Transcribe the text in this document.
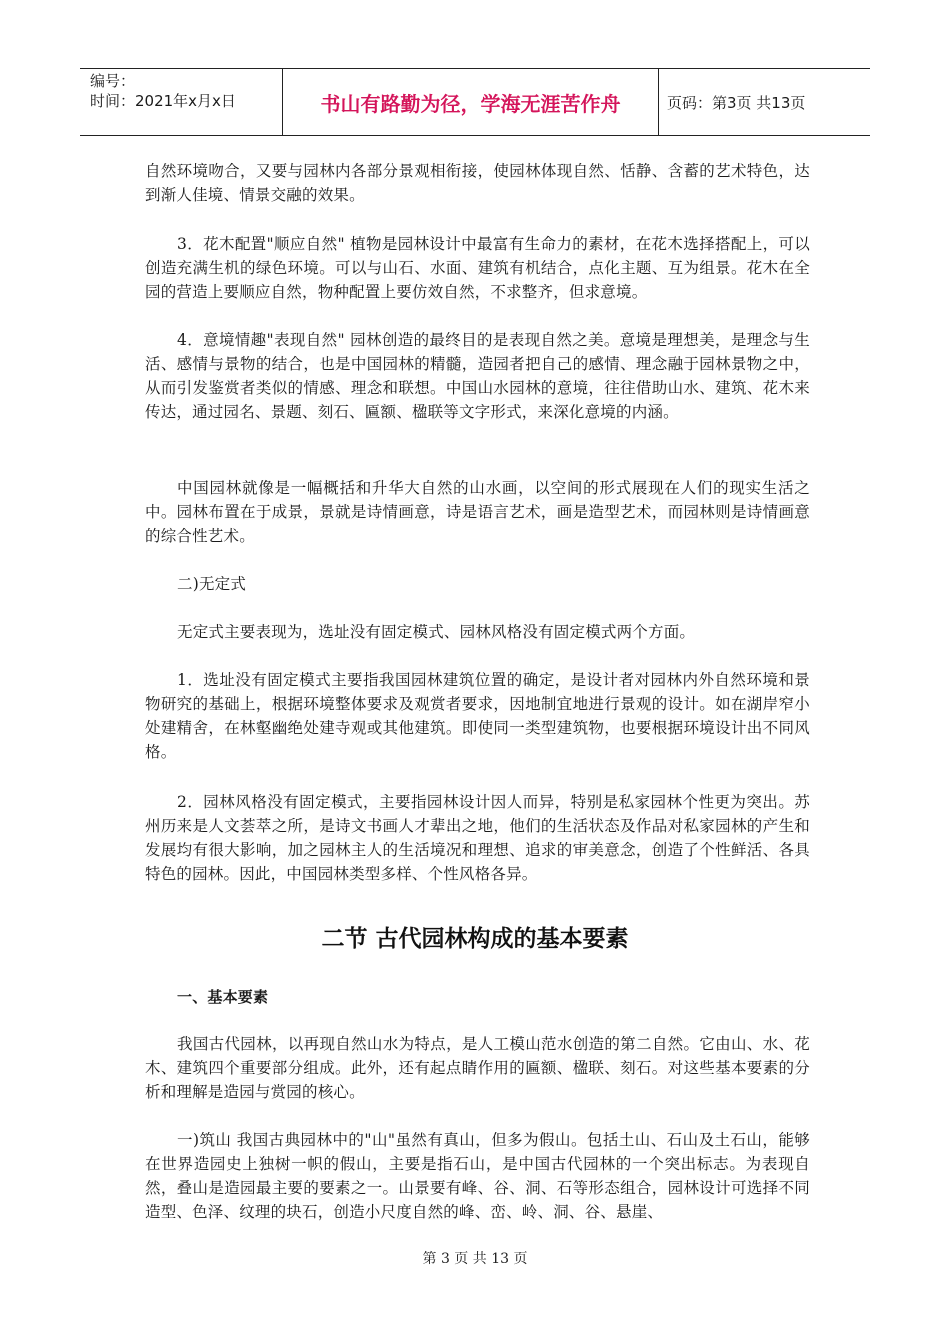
编号：
时间：2021年x月x日	书山有路勤为径，学海无涯苦作舟	页码：第3页 共13页

自然环境吻合，又要与园林内各部分景观相衔接，使园林体现自然、恬静、含蓄的艺术特色，达到渐人佳境、情景交融的效果。

3．花木配置"顺应自然" 植物是园林设计中最富有生命力的素材，在花木选择搭配上，可以创造充满生机的绿色环境。可以与山石、水面、建筑有机结合，点化主题、互为组景。花木在全园的营造上要顺应自然，物种配置上要仿效自然，不求整齐，但求意境。

4．意境情趣"表现自然" 园林创造的最终目的是表现自然之美。意境是理想美，是理念与生活、感情与景物的结合，也是中国园林的精髓，造园者把自己的感情、理念融于园林景物之中，从而引发鉴赏者类似的情感、理念和联想。中国山水园林的意境，往往借助山水、建筑、花木来传达，通过园名、景题、刻石、匾额、楹联等文字形式，来深化意境的内涵。

中国园林就像是一幅概括和升华大自然的山水画，以空间的形式展现在人们的现实生活之中。园林布置在于成景，景就是诗情画意，诗是语言艺术，画是造型艺术，而园林则是诗情画意的综合性艺术。

二)无定式

无定式主要表现为，选址没有固定模式、园林风格没有固定模式两个方面。

1．选址没有固定模式主要指我国园林建筑位置的确定，是设计者对园林内外自然环境和景物研究的基础上，根据环境整体要求及观赏者要求，因地制宜地进行景观的设计。如在湖岸窄小处建精舍，在林壑幽绝处建寺观或其他建筑。即使同一类型建筑物，也要根据环境设计出不同风格。

2．园林风格没有固定模式，主要指园林设计因人而异，特别是私家园林个性更为突出。苏州历来是人文荟萃之所，是诗文书画人才辈出之地，他们的生活状态及作品对私家园林的产生和发展均有很大影响，加之园林主人的生活境况和理想、追求的审美意念，创造了个性鲜活、各具特色的园林。因此，中国园林类型多样、个性风格各异。

二节 古代园林构成的基本要素

一、基本要素

我国古代园林，以再现自然山水为特点，是人工模山范水创造的第二自然。它由山、水、花木、建筑四个重要部分组成。此外，还有起点睛作用的匾额、楹联、刻石。对这些基本要素的分析和理解是造园与赏园的核心。

一)筑山 我国古典园林中的"山"虽然有真山，但多为假山。包括土山、石山及土石山，能够在世界造园史上独树一帜的假山，主要是指石山，是中国古代园林的一个突出标志。为表现自然，叠山是造园最主要的要素之一。山景要有峰、谷、洞、石等形态组合，园林设计可选择不同造型、色泽、纹理的块石，创造小尺度自然的峰、峦、岭、洞、谷、悬崖、

第 3 页 共 13 页
